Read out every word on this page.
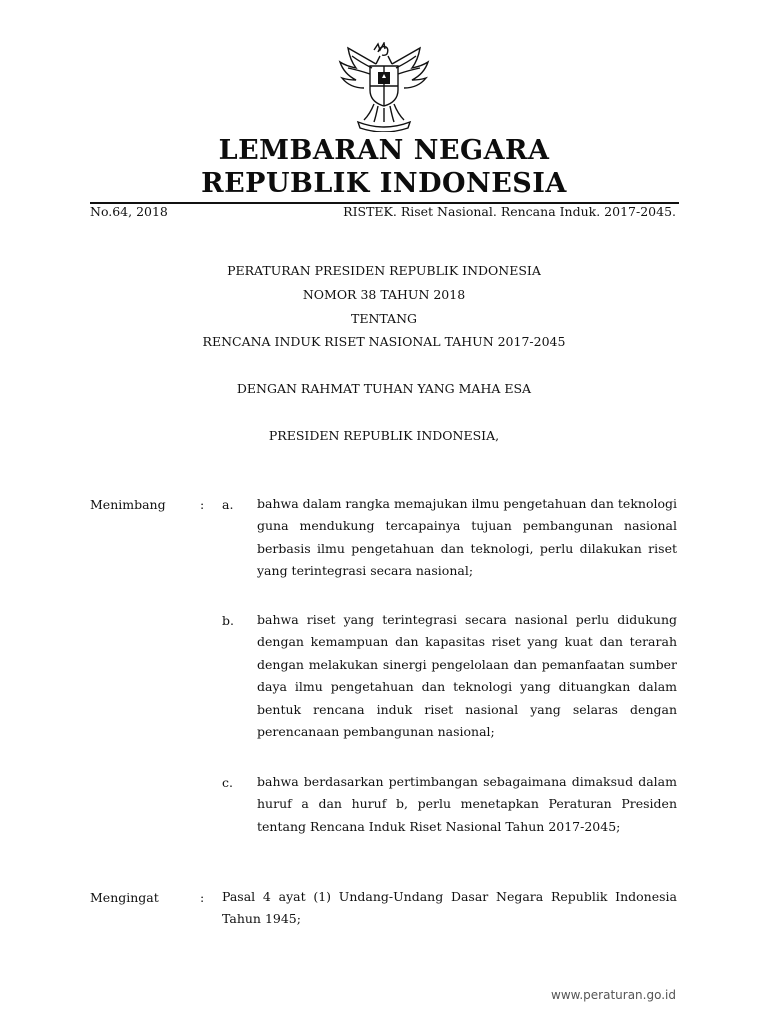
LEMBARAN NEGARA
REPUBLIK INDONESIA
No.64, 2018	RISTEK. Riset Nasional. Rencana Induk. 2017-2045.
PERATURAN PRESIDEN REPUBLIK INDONESIA
NOMOR 38 TAHUN 2018
TENTANG
RENCANA INDUK RISET NASIONAL TAHUN 2017-2045
DENGAN RAHMAT TUHAN YANG MAHA ESA
PRESIDEN REPUBLIK INDONESIA,
Menimbang	: a. bahwa dalam rangka memajukan ilmu pengetahuan dan teknologi guna mendukung tercapainya tujuan pembangunan nasional berbasis ilmu pengetahuan dan teknologi, perlu dilakukan riset yang terintegrasi secara nasional;

b. bahwa riset yang terintegrasi secara nasional perlu didukung dengan kemampuan dan kapasitas riset yang kuat dan terarah dengan melakukan sinergi pengelolaan dan pemanfaatan sumber daya ilmu pengetahuan dan teknologi yang dituangkan dalam bentuk rencana induk riset nasional yang selaras dengan perencanaan pembangunan nasional;

c. bahwa berdasarkan pertimbangan sebagaimana dimaksud dalam huruf a dan huruf b, perlu menetapkan Peraturan Presiden tentang Rencana Induk Riset Nasional Tahun 2017-2045;

Mengingat	: Pasal 4 ayat (1) Undang-Undang Dasar Negara Republik Indonesia Tahun 1945;

www.peraturan.go.id
